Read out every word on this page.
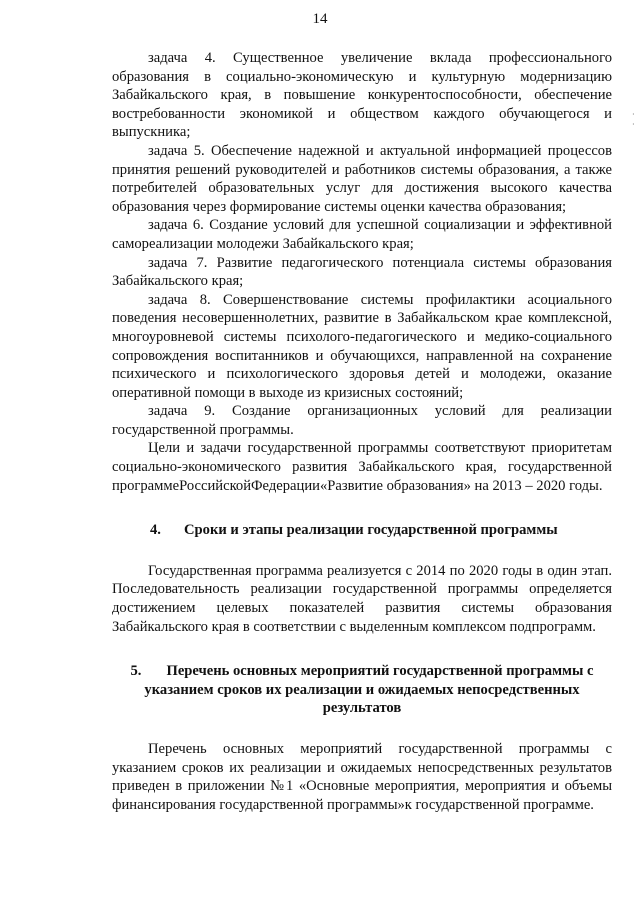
14
·
·

задача 4. Существенное увеличение вклада профессионального образования в социально-экономическую и культурную модернизацию Забайкальского края, в повышение конкурентоспособности, обеспечение востребованности экономикой и обществом каждого обучающегося и выпускника;

задача 5. Обеспечение надежной и актуальной информацией процессов принятия решений руководителей и работников системы образования, а также потребителей образовательных услуг для достижения высокого качества образования через формирование системы оценки качества образования;

задача 6. Создание условий для успешной социализации и эффективной самореализации молодежи Забайкальского края;

задача 7. Развитие педагогического потенциала системы образования Забайкальского края;

задача 8. Совершенствование системы профилактики асоциального поведения несовершеннолетних, развитие в Забайкальском крае комплексной, многоуровневой системы психолого-педагогического и медико-социального сопровождения воспитанников и обучающихся, направленной на сохранение психического и психологического здоровья детей и молодежи, оказание оперативной помощи в выходе из кризисных состояний;

задача 9. Создание организационных условий для реализации государственной программы.

Цели и задачи государственной программы соответствуют приоритетам социально-экономического развития Забайкальского края, государственной программеРоссийскойФедерации«Развитие образования» на 2013 – 2020 годы.

4. Сроки и этапы реализации государственной программы

Государственная программа реализуется с 2014 по 2020 годы в один этап. Последовательность реализации государственной программы определяется достижением целевых показателей развития системы образования Забайкальского края в соответствии с выделенным комплексом подпрограмм.

5. Перечень основных мероприятий государственной программы с указанием сроков их реализации и ожидаемых непосредственных результатов

Перечень основных мероприятий государственной программы с указанием сроков их реализации и ожидаемых непосредственных результатов приведен в приложении №1 «Основные мероприятия, мероприятия и объемы финансирования государственной программы»к государственной программе.
